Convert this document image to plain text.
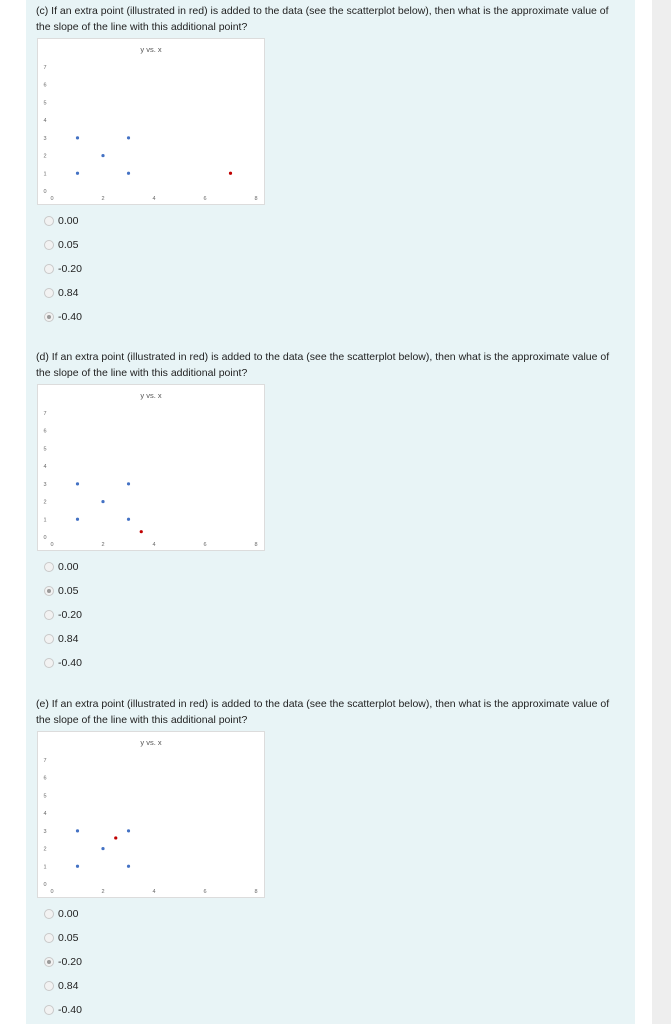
(c) If an extra point (illustrated in red) is added to the data (see the scatterplot below), then what is the approximate value of the slope of the line with this additional point?

y vs. x
0
1
2
3
4
5
6
7
0	2	4	6	8
0.00
0.05
-0.20
0.84
-0.40

(d) If an extra point (illustrated in red) is added to the data (see the scatterplot below), then what is the approximate value of the slope of the line with this additional point?

y vs. x
0
1
2
3
4
5
6
7
0	2	4	6	8
0.00
0.05
-0.20
0.84
-0.40

(e) If an extra point (illustrated in red) is added to the data (see the scatterplot below), then what is the approximate value of the slope of the line with this additional point?

y vs. x
0
1
2
3
4
5
6
7
0	2	4	6	8
0.00
0.05
-0.20
0.84
-0.40
